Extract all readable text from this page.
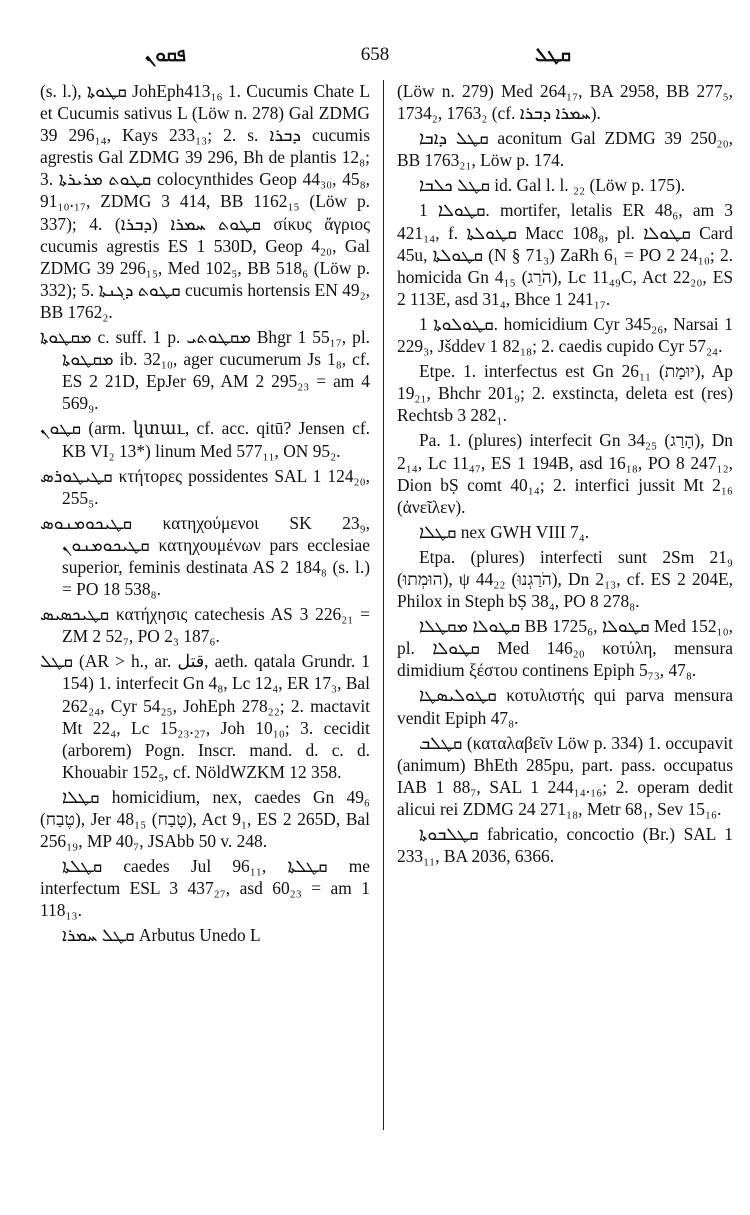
ܦܩܘܢ	658	ܩܛܠ

(s. l.), ܩܛܘܬܐ JohEph413₁₆ 1. Cucumis Chate L et Cucumis sativus L (Löw n. 278) Gal ZDMG 39 296₁₄, Kays 233₁₃; 2. s. ܕܒܪܐ cucumis agrestis Gal ZDMG 39 296, Bh de plantis 12₈; 3. ܩܛܘܬ ܡܪܝܪܬܐ colocynthides Geop 44₃₀, 45₈, 91₁₀.₁₇, ZDMG 3 414, BB 1162₁₅ (Löw p. 337); 4. ܩܛܘܬ ܚܡܪܐ (ܕܒܪܐ) σίκυς ἄγριος cucumis agrestis ES 1 530D, Geop 4₂₀, Gal ZDMG 39 296₁₅, Med 102₅, BB 518₆ (Löw p. 332); 5. ܩܛܘܬ ܕܓܢܬܐ cucumis hortensis EN 49₂, BB 1762₂.

ܡܩܛܘܬܐ c. suff. 1 p. ܡܩܛܘܬܝ Bhgr 1 55₁₇, pl. ܡܩܛܘܬܐ ib. 32₁₀, ager cucumerum Js 1₈, cf. ES 2 21D, EpJer 69, AM 2 295₂₃ = am 4 569₉.

ܩܛܘܢ (arm. կտաւ, cf. acc. qitū? Jensen cf. KB VI₂ 13*) linum Med 577₁₁, ON 95₂.

ܩܛܝܛܘܪܣ κτήτορες possidentes SAL 1 124₂₀, 255₅.

ܩܛܝܟܘܡܢܘܣ κατηχούμενοι SK 23₉, ܩܛܝܟܘܡܢܘܢ κατηχουμένων pars ecclesiae superior, feminis destinata AS 2 184₈ (s. l.) = PO 18 538₈.

ܩܛܝܟܣܝܣ κατήχησις catechesis AS 3 226₂₁ = ZM 2 52₇, PO 2₃ 187₆.

ܩܛܠ (AR > h., ar. قتل, aeth. qatala Grundr. 1 154) 1. interfecit Gn 4₈, Lc 12₄, ER 17₃, Bal 262₂₄, Cyr 54₂₅, JohEph 278₂₂; 2. mactavit Mt 22₄, Lc 15₂₃.₂₇, Joh 10₁₀; 3. cecidit (arborem) Pogn. Inscr. mand. d. c. d. Khouabir 152₅, cf. NöldWZKM 12 358.

ܩܛܠܐ homicidium, nex, caedes Gn 49₆ (טֶבַח), Jer 48₁₅ (טָבַח), Act 9₁, ES 2 265D, Bal 256₁₉, MP 40₇, JSAbb 50 v. 248.

ܩܛܠܬܐ caedes Jul 96₁₁, ܩܛܠܬܐ me interfectum ESL 3 437₂₇, asd 60₂₃ = am 1 118₁₃.

ܩܛܠ ܚܡܪܐ Arbutus Unedo L

(Löw n. 279) Med 264₁₇, BA 2958, BB 277₅, 1734₂, 1763₂ (cf. ܚܡܪܐ ܕܒܪܐ).

ܩܛܠ ܕܐܒܐ aconitum Gal ZDMG 39 250₂₀, BB 1763₂₁, Löw p. 174.

ܩܛܠ ܟܠܒܐ id. Gal l. l. ₂₂ (Löw p. 175).

ܩܛܘܠܐ 1. mortifer, letalis ER 48₆, am 3 421₁₄, f. ܩܛܘܠܬܐ Macc 108₈, pl. ܩܛܘܠܐ Card 45u, ܩܛܘܠܬܐ (N § 71₃) ZaRh 6₁ = PO 2 24₁₀; 2. homicida Gn 4₁₅ (הֹרֵג), Lc 11₄₉C, Act 22₂₀, ES 2 113E, asd 31₄, Bhce 1 241₁₇.

ܩܛܘܠܘܬܐ 1. homicidium Cyr 345₂₆, Narsai 1 229₃, Jšddev 1 82₁₈; 2. caedis cupido Cyr 57₂₄.

Etpe. 1. interfectus est Gn 26₁₁ (יוּמָת), Ap 19₂₁, Bhchr 201₉; 2. exstincta, deleta est (res) Rechtsb 3 282₁.

Pa. 1. (plures) interfecit Gn 34₂₅ (הָרַג), Dn 2₁₄, Lc 11₄₇, ES 1 194B, asd 16₁₈, PO 8 247₁₂, Dion bṢ comt 40₁₄; 2. interfici jussit Mt 2₁₆ (ἀνεῖλεν).

ܩܛܠܐ nex GWH VIII 7₄.

Etpa. (plures) interfecti sunt 2Sm 21₉ (הוּמְתוּ), ψ 44₂₂ (הֹרַגְנוּ), Dn 2₁₃, cf. ES 2 204E, Philox in Steph bṢ 38₄, PO 8 278₈.

ܩܛܘܠܐ ܡܩܛܠܐ BB 1725₆, ܩܛܘܠܐ Med 152₁₀, pl. ܩܛܘܠܐ Med 146₂₀ κοτύλη, mensura dimidium ξέστου continens Epiph 5₇₃, 47₈.

ܩܛܘܠܝܣܛܐ κοτυλιστής qui parva mensura vendit Epiph 47₈.

ܩܛܠܒ (καταλαβεῖν Löw p. 334) 1. occupavit (animum) BhEth 285pu, part. pass. occupatus IAB 1 88₇, SAL 1 244₁₄.₁₆; 2. operam dedit alicui rei ZDMG 24 271₁₈, Metr 68₁, Sev 15₁₆.

ܩܛܠܒܘܬܐ fabricatio, concoctio (Br.) SAL 1 233₁₁, BA 2036, 6366.
